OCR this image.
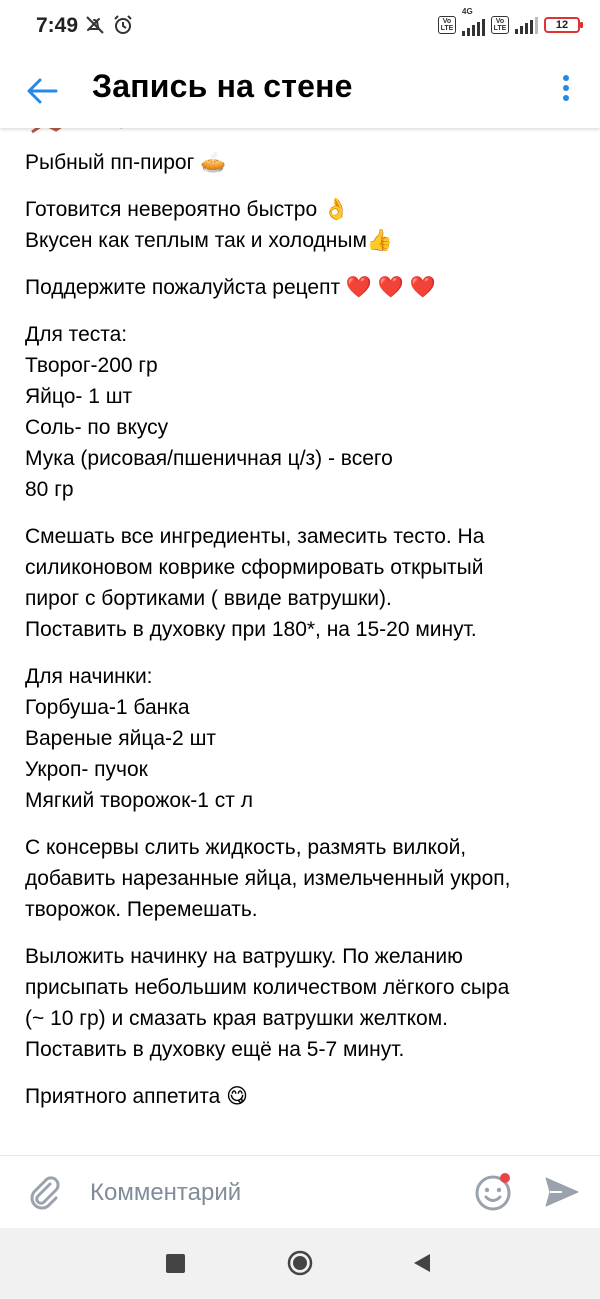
7:49	Vo LTE
4G
Vo LTE	12
Запись на стене

Рыбный пп-пирог 🥧

Готовится невероятно быстро 👌
Вкусен как теплым так и холодным👍

Поддержите пожалуйста рецепт ❤️ ❤️ ❤️

Для теста:
Творог-200 гр
Яйцо- 1 шт
Соль- по вкусу
Мука (рисовая/пшеничная ц/з) - всего
80 гр

Смешать все ингредиенты, замесить тесто. На
силиконовом коврике сформировать открытый
пирог с бортиками ( ввиде ватрушки).
Поставить в духовку при 180*, на 15-20 минут.

Для начинки:
Горбуша-1 банка
Вареные яйца-2 шт
Укроп- пучок
Мягкий творожок-1 ст л

С консервы слить жидкость, размять вилкой,
добавить нарезанные яйца, измельченный укроп,
творожок. Перемешать.

Выложить начинку на ватрушку. По желанию
присыпать небольшим количеством лёгкого сыра
(~ 10 гр) и смазать края ватрушки желтком.
Поставить в духовку ещё на 5-7 минут.

Приятного аппетита 😋

Комментарий
